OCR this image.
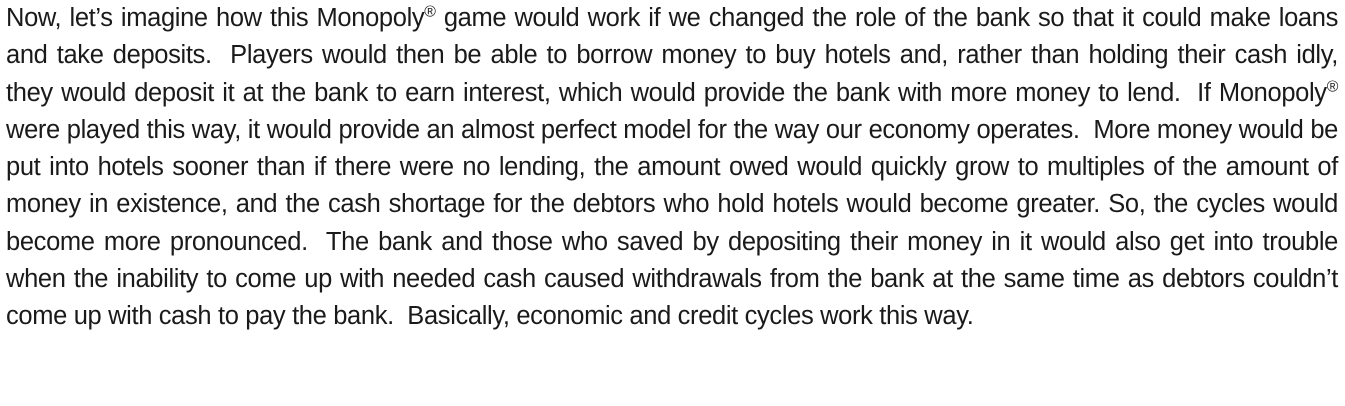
Now, let’s imagine how this Monopoly® game would work if we changed the role of the bank so that it could make loans and take deposits.  Players would then be able to borrow money to buy hotels and, rather than holding their cash idly, they would deposit it at the bank to earn interest, which would provide the bank with more money to lend.  If Monopoly® were played this way, it would provide an almost perfect model for the way our economy operates.  More money would be put into hotels sooner than if there were no lending, the amount owed would quickly grow to multiples of the amount of money in existence, and the cash shortage for the debtors who hold hotels would become greater. So, the cycles would become more pronounced.  The bank and those who saved by depositing their money in it would also get into trouble when the inability to come up with needed cash caused withdrawals from the bank at the same time as debtors couldn’t come up with cash to pay the bank.  Basically, economic and credit cycles work this way.
